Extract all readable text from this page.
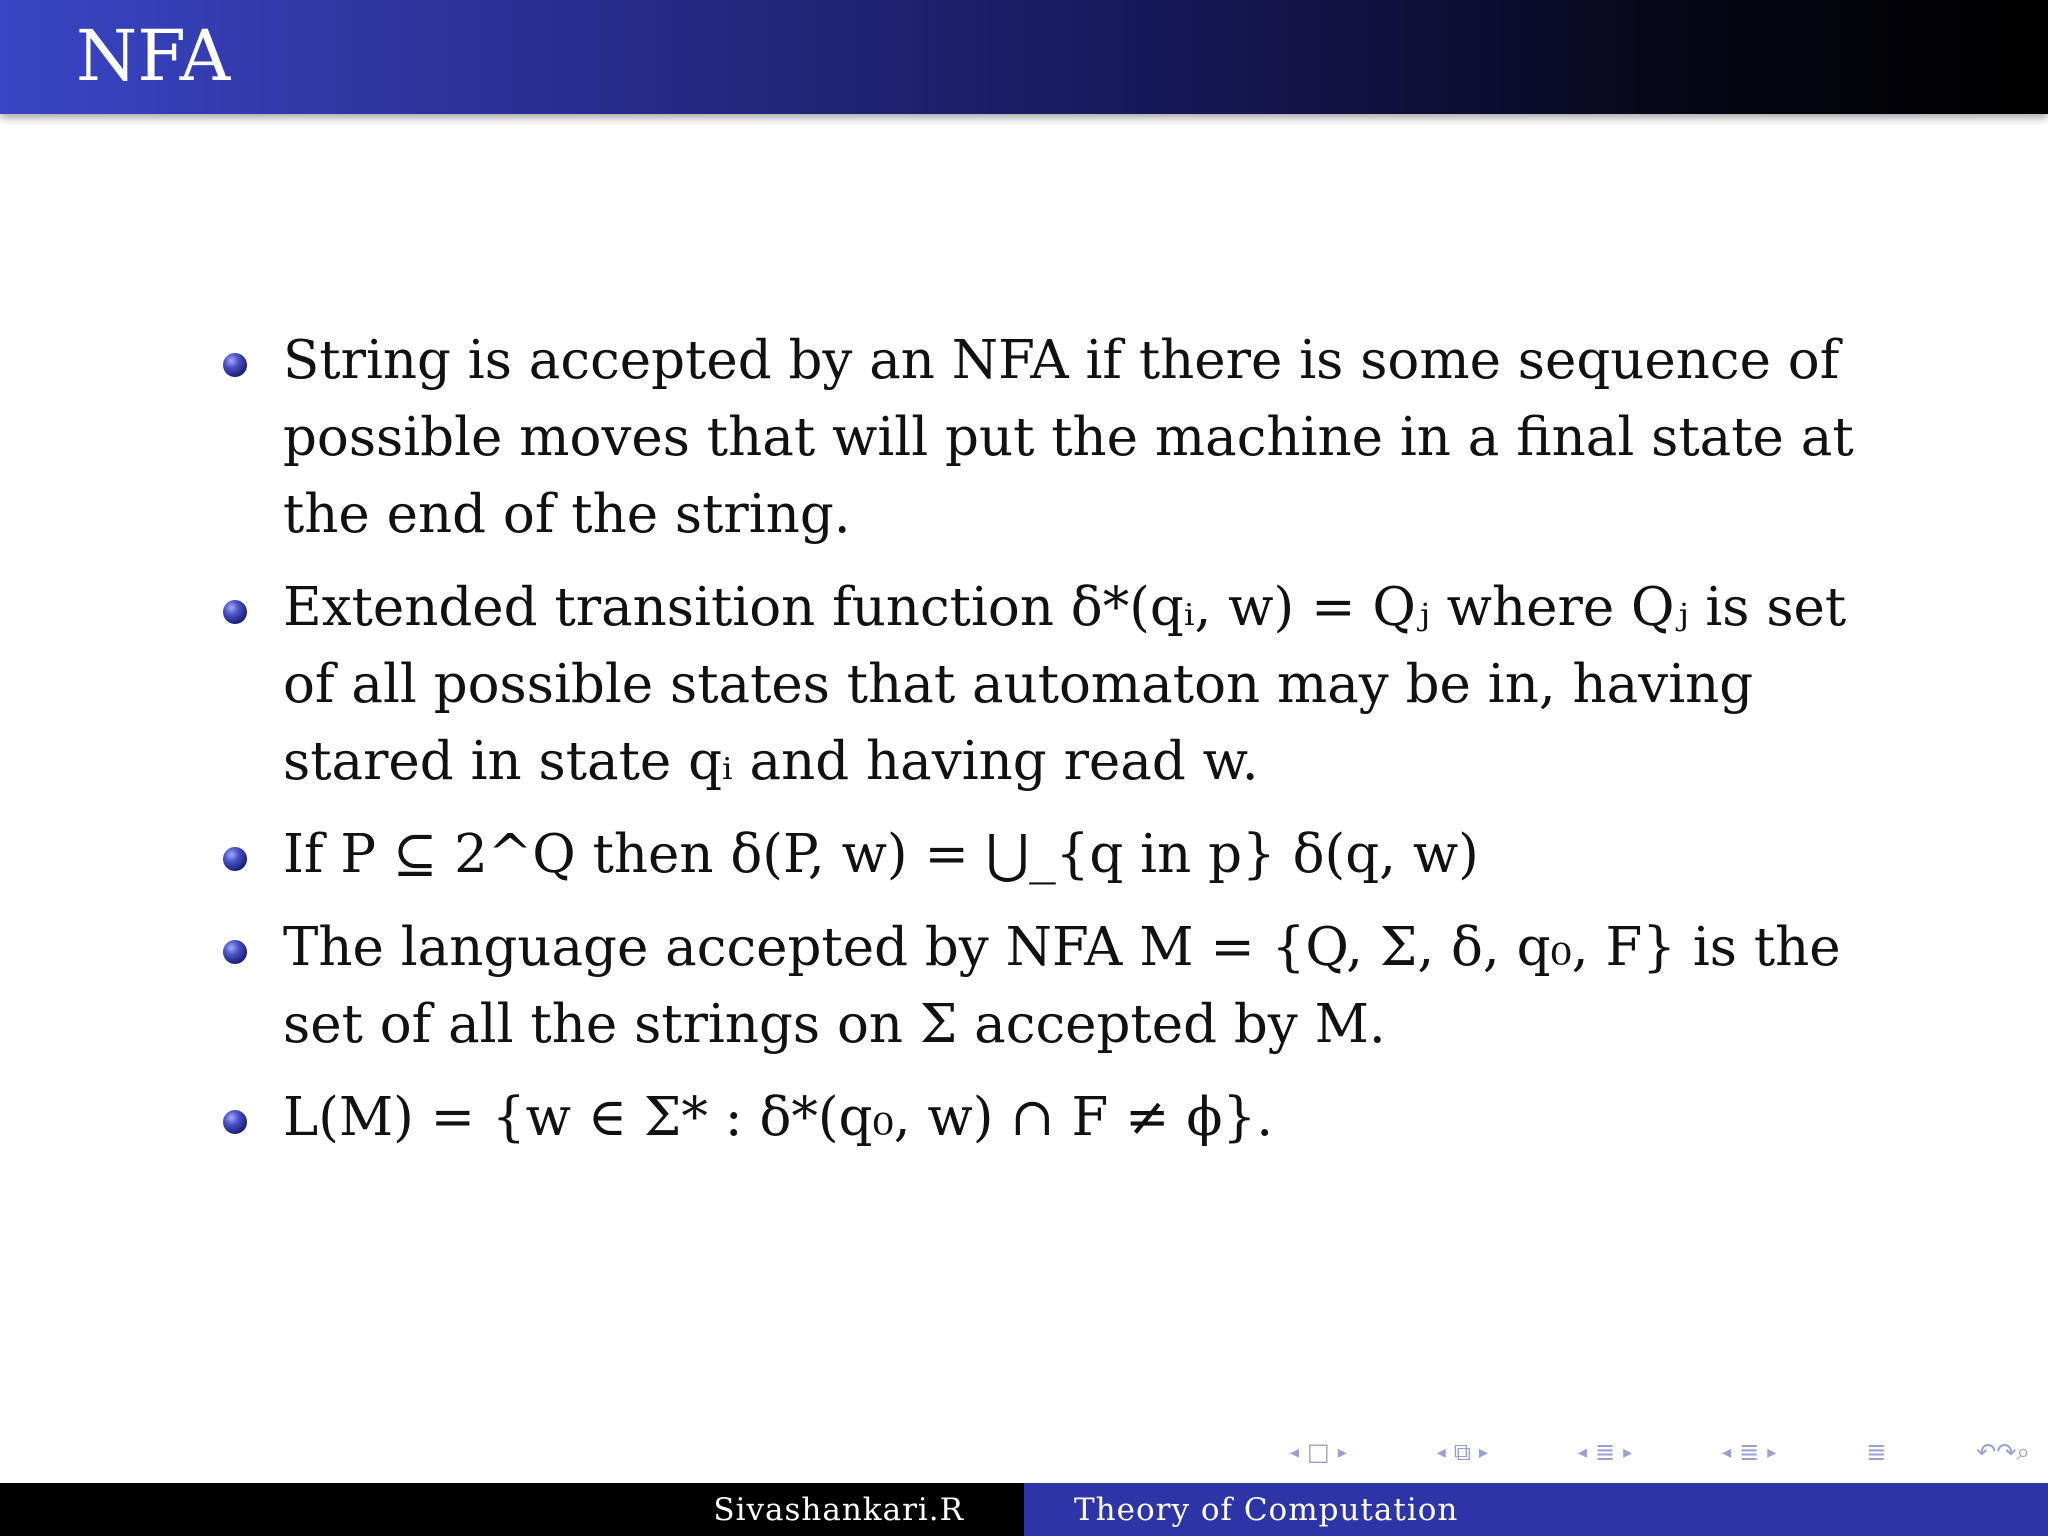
NFA
String is accepted by an NFA if there is some sequence of possible moves that will put the machine in a final state at the end of the string.
Extended transition function δ*(qᵢ, w) = Qⱼ where Qⱼ is set of all possible states that automaton may be in, having stared in state qᵢ and having read w.
If P ⊆ 2^Q then δ(P, w) = ⋃_{q in p} δ(q, w)
The language accepted by NFA M = {Q, Σ, δ, q₀, F} is the set of all the strings on Σ accepted by M.
L(M) = {w ∈ Σ* : δ*(q₀, w) ∩ F ≠ ϕ}.
◂ □ ▸	◂ ⧉ ▸	◂ ≣ ▸	◂ ≣ ▸	≣	↶↷⌕
Sivashankari.R	Theory of Computation
